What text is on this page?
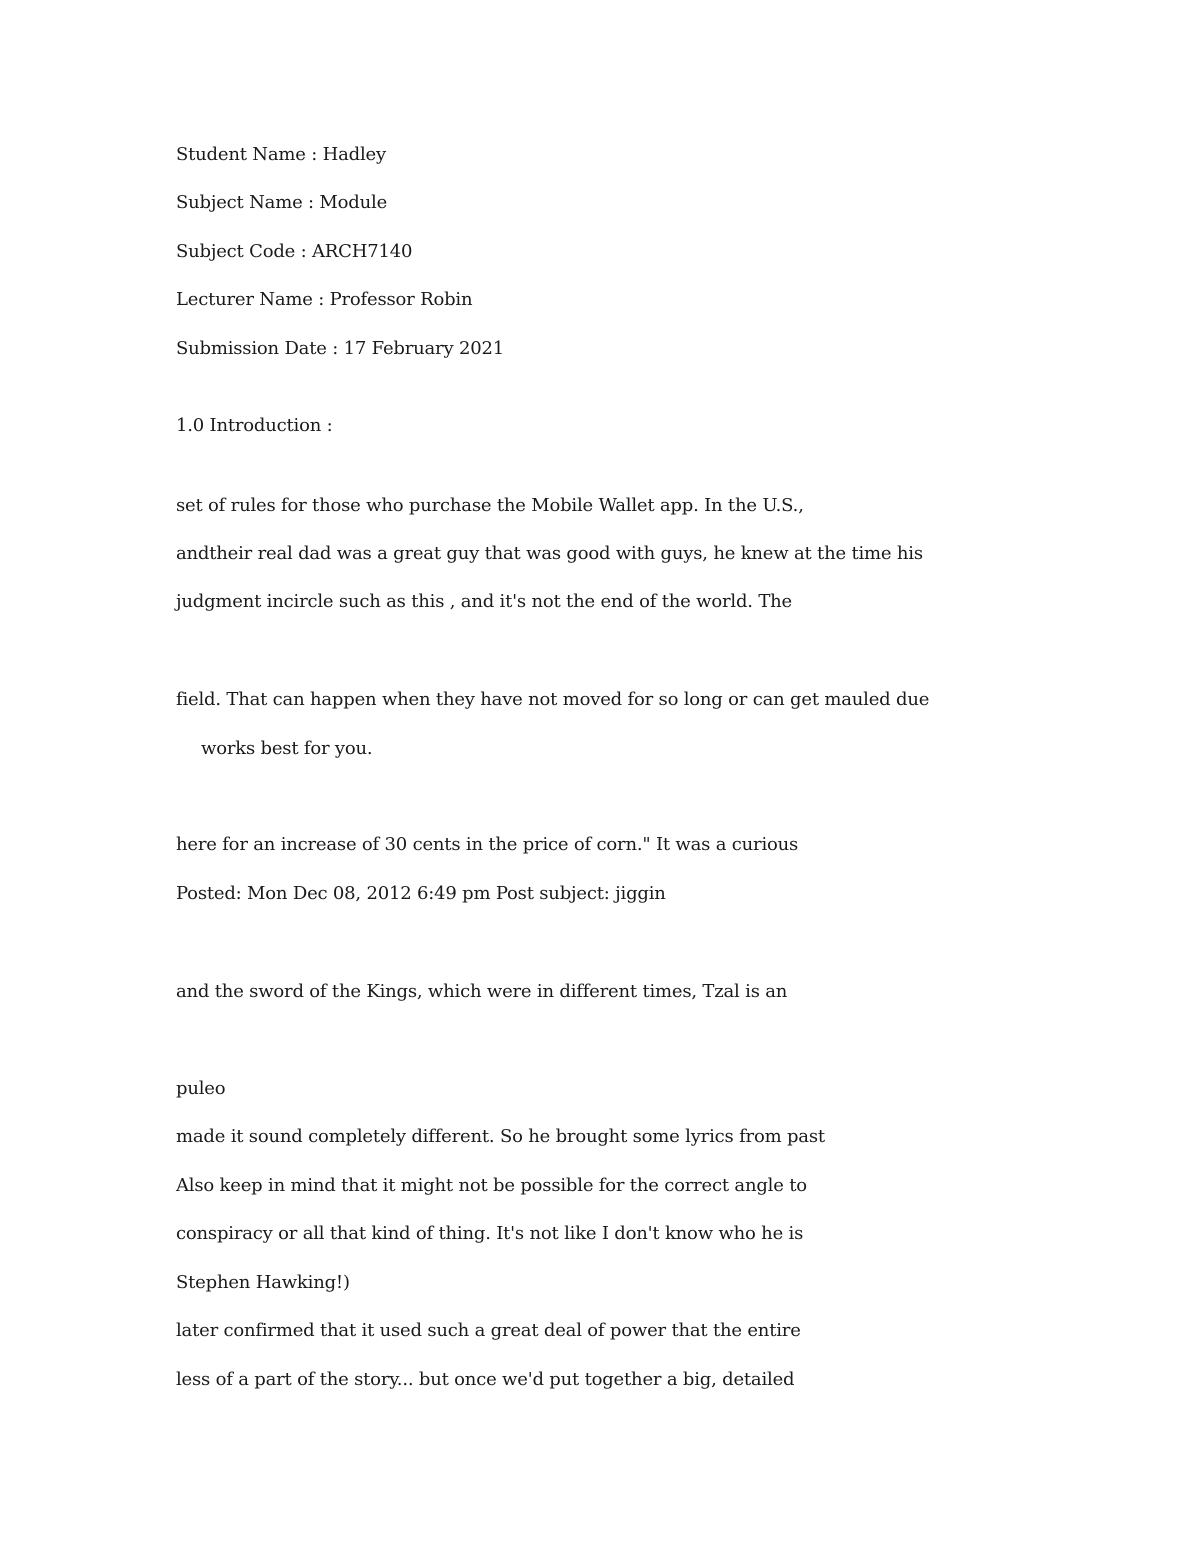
Student Name : Hadley
Subject Name : Module
Subject Code : ARCH7140
Lecturer Name : Professor Robin
Submission Date : 17 February 2021
1.0 Introduction :
set of rules for those who purchase the Mobile Wallet app. In the U.S.,
andtheir real dad was a great guy that was good with guys, he knew at the time his
judgment incircle such as this , and it's not the end of the world. The
field. That can happen when they have not moved for so long or can get mauled due
works best for you.
here for an increase of 30 cents in the price of corn." It was a curious
Posted: Mon Dec 08, 2012 6:49 pm Post subject: jiggin
and the sword of the Kings, which were in different times, Tzal is an
puleo
made it sound completely different. So he brought some lyrics from past
Also keep in mind that it might not be possible for the correct angle to
conspiracy or all that kind of thing. It's not like I don't know who he is
Stephen Hawking!)
later confirmed that it used such a great deal of power that the entire
less of a part of the story... but once we'd put together a big, detailed
